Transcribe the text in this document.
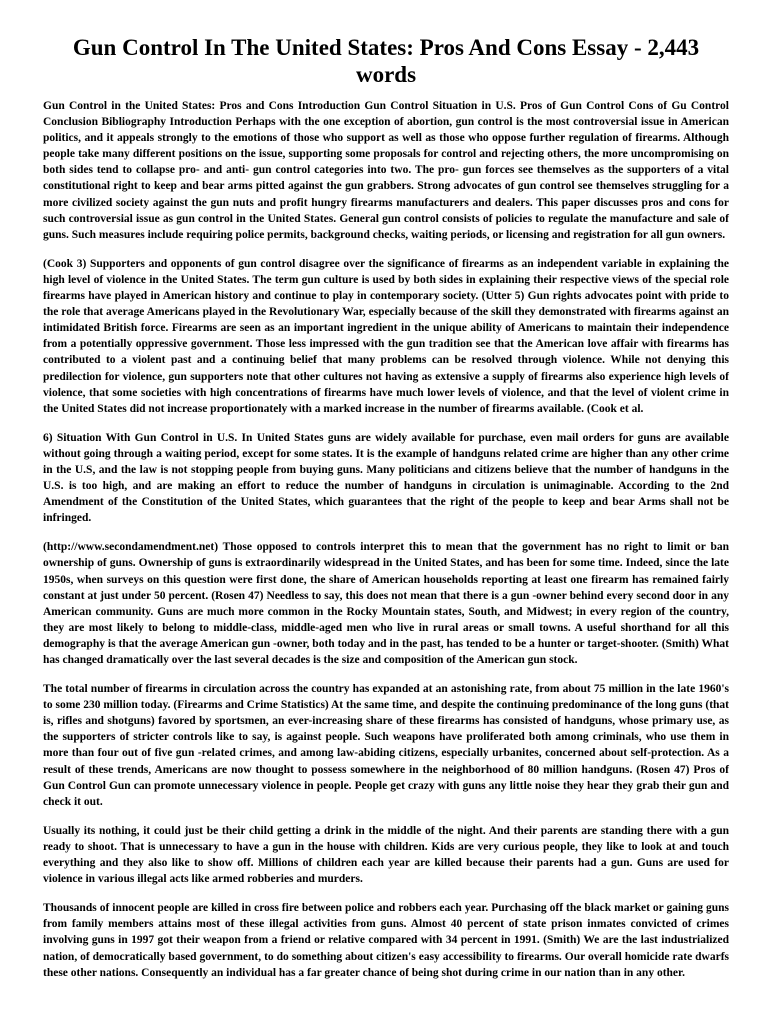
Gun Control In The United States: Pros And Cons Essay - 2,443 words

Gun Control in the United States: Pros and Cons Introduction Gun Control Situation in U.S. Pros of Gun Control Cons of Gu Control Conclusion Bibliography Introduction Perhaps with the one exception of abortion, gun control is the most controversial issue in American politics, and it appeals strongly to the emotions of those who support as well as those who oppose further regulation of firearms. Although people take many different positions on the issue, supporting some proposals for control and rejecting others, the more uncompromising on both sides tend to collapse pro- and anti- gun control categories into two. The pro- gun forces see themselves as the supporters of a vital constitutional right to keep and bear arms pitted against the gun grabbers. Strong advocates of gun control see themselves struggling for a more civilized society against the gun nuts and profit hungry firearms manufacturers and dealers. This paper discusses pros and cons for such controversial issue as gun control in the United States. General gun control consists of policies to regulate the manufacture and sale of guns. Such measures include requiring police permits, background checks, waiting periods, or licensing and registration for all gun owners.

(Cook 3) Supporters and opponents of gun control disagree over the significance of firearms as an independent variable in explaining the high level of violence in the United States. The term gun culture is used by both sides in explaining their respective views of the special role firearms have played in American history and continue to play in contemporary society. (Utter 5) Gun rights advocates point with pride to the role that average Americans played in the Revolutionary War, especially because of the skill they demonstrated with firearms against an intimidated British force. Firearms are seen as an important ingredient in the unique ability of Americans to maintain their independence from a potentially oppressive government. Those less impressed with the gun tradition see that the American love affair with firearms has contributed to a violent past and a continuing belief that many problems can be resolved through violence. While not denying this predilection for violence, gun supporters note that other cultures not having as extensive a supply of firearms also experience high levels of violence, that some societies with high concentrations of firearms have much lower levels of violence, and that the level of violent crime in the United States did not increase proportionately with a marked increase in the number of firearms available. (Cook et al.

6) Situation With Gun Control in U.S. In United States guns are widely available for purchase, even mail orders for guns are available without going through a waiting period, except for some states. It is the example of handguns related crime are higher than any other crime in the U.S, and the law is not stopping people from buying guns. Many politicians and citizens believe that the number of handguns in the U.S. is too high, and are making an effort to reduce the number of handguns in circulation is unimaginable. According to the 2nd Amendment of the Constitution of the United States, which guarantees that the right of the people to keep and bear Arms shall not be infringed.

(http://www.secondamendment.net) Those opposed to controls interpret this to mean that the government has no right to limit or ban ownership of guns. Ownership of guns is extraordinarily widespread in the United States, and has been for some time. Indeed, since the late 1950s, when surveys on this question were first done, the share of American households reporting at least one firearm has remained fairly constant at just under 50 percent. (Rosen 47) Needless to say, this does not mean that there is a gun -owner behind every second door in any American community. Guns are much more common in the Rocky Mountain states, South, and Midwest; in every region of the country, they are most likely to belong to middle-class, middle-aged men who live in rural areas or small towns. A useful shorthand for all this demography is that the average American gun -owner, both today and in the past, has tended to be a hunter or target-shooter. (Smith) What has changed dramatically over the last several decades is the size and composition of the American gun stock.

The total number of firearms in circulation across the country has expanded at an astonishing rate, from about 75 million in the late 1960's to some 230 million today. (Firearms and Crime Statistics) At the same time, and despite the continuing predominance of the long guns (that is, rifles and shotguns) favored by sportsmen, an ever-increasing share of these firearms has consisted of handguns, whose primary use, as the supporters of stricter controls like to say, is against people. Such weapons have proliferated both among criminals, who use them in more than four out of five gun -related crimes, and among law-abiding citizens, especially urbanites, concerned about self-protection. As a result of these trends, Americans are now thought to possess somewhere in the neighborhood of 80 million handguns. (Rosen 47) Pros of Gun Control Gun can promote unnecessary violence in people. People get crazy with guns any little noise they hear they grab their gun and check it out.

Usually its nothing, it could just be their child getting a drink in the middle of the night. And their parents are standing there with a gun ready to shoot. That is unnecessary to have a gun in the house with children. Kids are very curious people, they like to look at and touch everything and they also like to show off. Millions of children each year are killed because their parents had a gun. Guns are used for violence in various illegal acts like armed robberies and murders.

Thousands of innocent people are killed in cross fire between police and robbers each year. Purchasing off the black market or gaining guns from family members attains most of these illegal activities from guns. Almost 40 percent of state prison inmates convicted of crimes involving guns in 1997 got their weapon from a friend or relative compared with 34 percent in 1991. (Smith) We are the last industrialized nation, of democratically based government, to do something about citizen's easy accessibility to firearms. Our overall homicide rate dwarfs these other nations. Consequently an individual has a far greater chance of being shot during crime in our nation than in any other.
